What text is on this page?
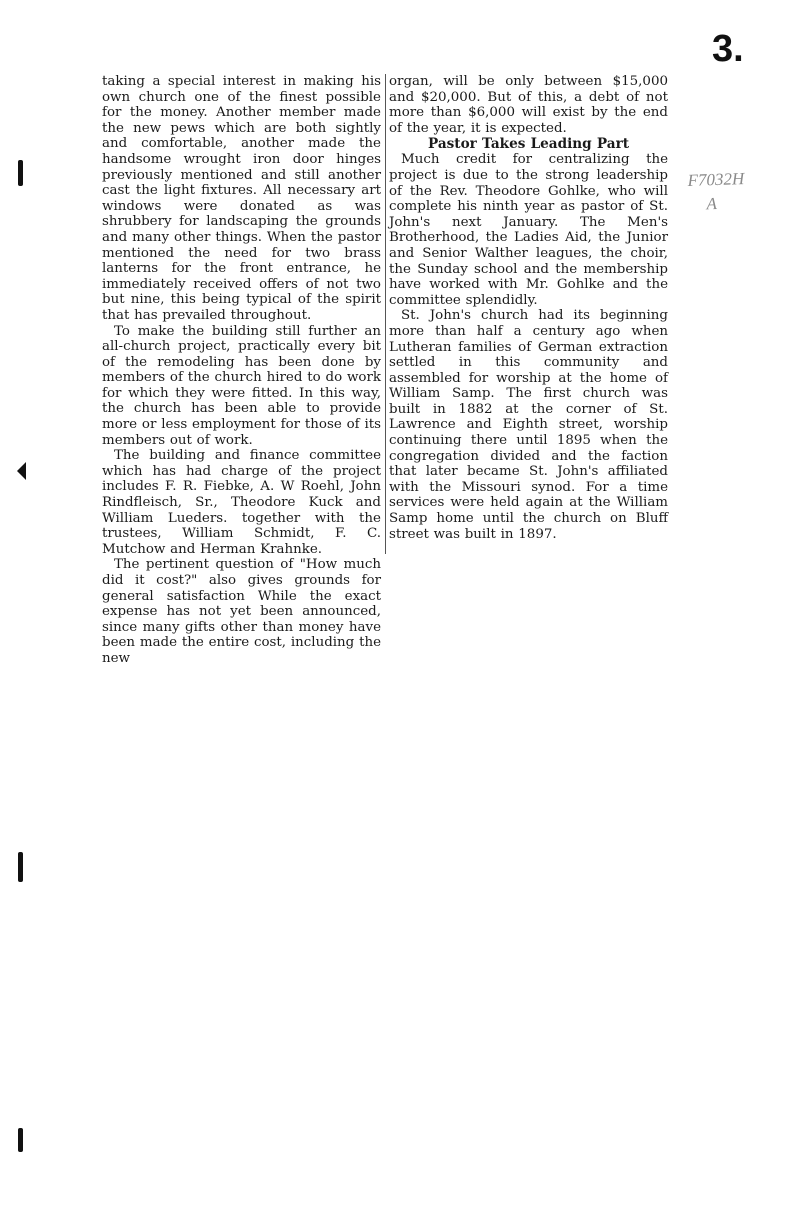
3.
F7032H
A

taking a special interest in making his own church one of the finest possible for the money. Another member made the new pews which are both sightly and comfortable, another made the handsome wrought iron door hinges previously mentioned and still another cast the light fixtures. All necessary art windows were donated as was shrubbery for landscaping the grounds and many other things. When the pastor mentioned the need for two brass lanterns for the front entrance, he immediately received offers of not two but nine, this being typical of the spirit that has prevailed throughout.

To make the building still further an all-church project, practically every bit of the remodeling has been done by members of the church hired to do work for which they were fitted. In this way, the church has been able to provide more or less employment for those of its members out of work.

The building and finance committee which has had charge of the project includes F. R. Fiebke, A. W Roehl, John Rindfleisch, Sr., Theodore Kuck and William Lueders. together with the trustees, William Schmidt, F. C. Mutchow and Herman Krahnke.

The pertinent question of "How much did it cost?" also gives grounds for general satisfaction While the exact expense has not yet been announced, since many gifts other than money have been made the entire cost, including the new

organ, will be only between $15,000 and $20,000. But of this, a debt of not more than $6,000 will exist by the end of the year, it is expected.

Pastor Takes Leading Part

Much credit for centralizing the project is due to the strong leadership of the Rev. Theodore Gohlke, who will complete his ninth year as pastor of St. John's next January. The Men's Brotherhood, the Ladies Aid, the Junior and Senior Walther leagues, the choir, the Sunday school and the membership have worked with Mr. Gohlke and the committee splendidly.

St. John's church had its beginning more than half a century ago when Lutheran families of German extraction settled in this community and assembled for worship at the home of William Samp. The first church was built in 1882 at the corner of St. Lawrence and Eighth street, worship continuing there until 1895 when the congregation divided and the faction that later became St. John's affiliated with the Missouri synod. For a time services were held again at the William Samp home until the church on Bluff street was built in 1897.
